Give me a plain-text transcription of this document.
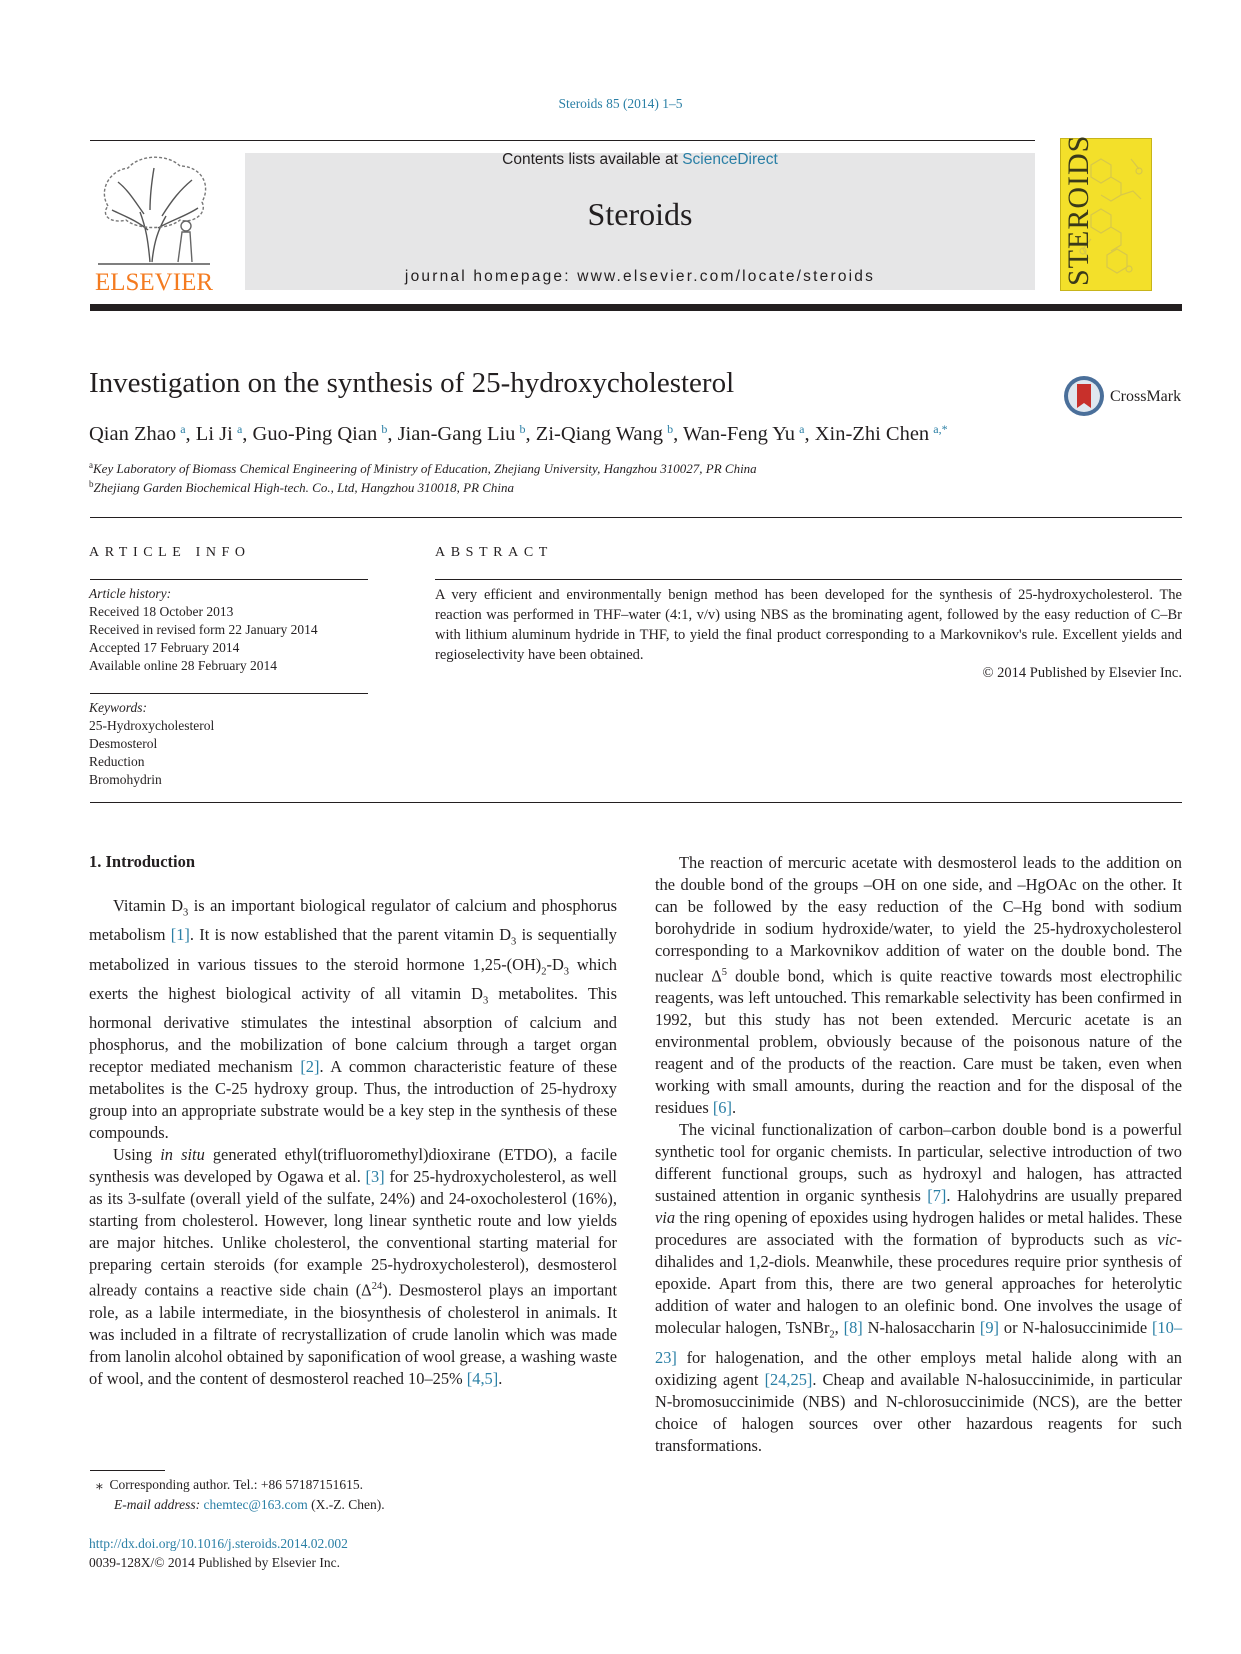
Steroids 85 (2014) 1–5
ELSEVIER
Contents lists available at ScienceDirect
Steroids
journal homepage: www.elsevier.com/locate/steroids	STEROIDS
Investigation on the synthesis of 25-hydroxycholesterol	CrossMark
Qian Zhao  $^a$, Li Ji  $^a$, Guo-Ping Qian  $^b$, Jian-Gang Liu  $^b$, Zi-Qiang Wang  $^b$, Wan-Feng Yu  $^a$, Xin-Zhi Chen  $^{a,*}$
$^a$Key Laboratory of Biomass Chemical Engineering of Ministry of Education, Zhejiang University, Hangzhou 310027, PR China
$^b$Zhejiang Garden Biochemical High-tech. Co., Ltd, Hangzhou 310018, PR China
ARTICLE INFO
Article history:
Received 18 October 2013
Received in revised form 22 January 2014
Accepted 17 February 2014
Available online 28 February 2014
Keywords:
25-Hydroxycholesterol
Desmosterol
Reduction
Bromohydrin
ABSTRACT
A very efficient and environmentally benign method has been developed for the synthesis of 25-hydroxycholesterol. The reaction was performed in THF–water (4:1, v/v) using NBS as the brominating agent, followed by the easy reduction of C–Br with lithium aluminum hydride in THF, to yield the final product corresponding to a Markovnikov's rule. Excellent yields and regioselectivity have been obtained.
© 2014 Published by Elsevier Inc.
1. Introduction

Vitamin $D_3$ is an important biological regulator of calcium and phosphorus metabolism [1]. It is now established that the parent vitamin $D_3$ is sequentially metabolized in various tissues to the steroid hormone $1,25-(OH)_2-D_3$ which exerts the highest biological activity of all vitamin $D_3$ metabolites. This hormonal derivative stimulates the intestinal absorption of calcium and phosphorus, and the mobilization of bone calcium through a target organ receptor mediated mechanism [2]. A common characteristic feature of these metabolites is the C-25 hydroxy group. Thus, the introduction of 25-hydroxy group into an appropriate substrate would be a key step in the synthesis of these compounds.

Using in situ generated ethyl(trifluoromethyl)dioxirane (ETDO), a facile synthesis was developed by Ogawa et al. [3] for 25-hydroxycholesterol, as well as its 3-sulfate (overall yield of the sulfate, 24%) and 24-oxocholesterol (16%), starting from cholesterol. However, long linear synthetic route and low yields are major hitches. Unlike cholesterol, the conventional starting material for preparing certain steroids (for example 25-hydroxycholesterol), desmosterol already contains a reactive side chain $(\Delta^{24})$. Desmosterol plays an important role, as a labile intermediate, in the biosynthesis of cholesterol in animals. It was included in a filtrate of recrystallization of crude lanolin which was made from lanolin alcohol obtained by saponification of wool grease, a washing waste of wool, and the content of desmosterol reached 10–25% [4,5].

The reaction of mercuric acetate with desmosterol leads to the addition on the double bond of the groups –OH on one side, and –HgOAc on the other. It can be followed by the easy reduction of the C–Hg bond with sodium borohydride in sodium hydroxide/water, to yield the 25-hydroxycholesterol corresponding to a Markovnikov addition of water on the double bond. The nuclear $\Delta^5$ double bond, which is quite reactive towards most electrophilic reagents, was left untouched. This remarkable selectivity has been confirmed in 1992, but this study has not been extended. Mercuric acetate is an environmental problem, obviously because of the poisonous nature of the reagent and of the products of the reaction. Care must be taken, even when working with small amounts, during the reaction and for the disposal of the residues [6].

The vicinal functionalization of carbon–carbon double bond is a powerful synthetic tool for organic chemists. In particular, selective introduction of two different functional groups, such as hydroxyl and halogen, has attracted sustained attention in organic synthesis [7]. Halohydrins are usually prepared via the ring opening of epoxides using hydrogen halides or metal halides. These procedures are associated with the formation of byproducts such as vic-dihalides and 1,2-diols. Meanwhile, these procedures require prior synthesis of epoxide. Apart from this, there are two general approaches for heterolytic addition of water and halogen to an olefinic bond. One involves the usage of molecular halogen, TsNBr$_2$, [8] N-halosaccharin [9] or N-halosuccinimide [10–23] for halogenation, and the other employs metal halide along with an oxidizing agent [24,25]. Cheap and available N-halosuccinimide, in particular N-bromosuccinimide (NBS) and N-chlorosuccinimide (NCS), are the better choice of halogen sources over other hazardous reagents for such transformations.

⁎ Corresponding author. Tel.: +86 57187151615.
E-mail address: chemtec@163.com (X.-Z. Chen).
http://dx.doi.org/10.1016/j.steroids.2014.02.002
0039-128X/© 2014 Published by Elsevier Inc.
